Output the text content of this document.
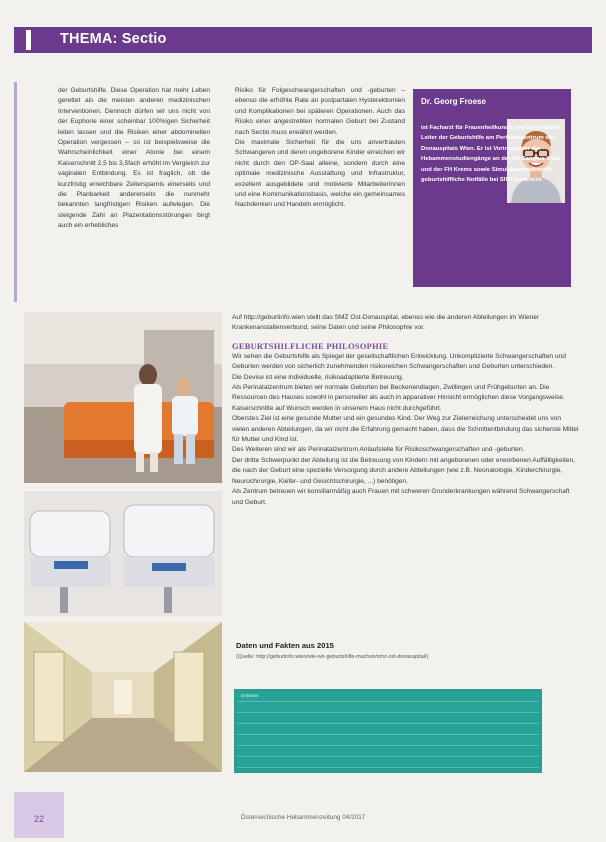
THEMA: Sectio

der Geburtshilfe. Diese Operation hat mehr Leben gerettet als die meisten anderen medizinischen Interventionen. Dennoch dürfen wir uns nicht von der Euphorie einer scheinbar 100%igen Sicherheit leiten lassen und die Risiken einer abdominellen Operation vergessen – so ist beispielsweise die Wahrscheinlichkeit einer Atonie bei einem Kaiserschnitt 2,5 bis 3,5fach erhöht im Vergleich zur vaginalen Entbindung. Es ist fraglich, ob die kurzfristig erreichbare Zeitersparnis einerseits und die Planbarkeit andererseits die nunmehr bekannten langfristigen Risiken aufwiegen. Die steigende Zahl an Plazentationsstörungen birgt auch ein erhebliches

Risiko für Folgeschwangerschaften und -geburten – ebenso die erhöhte Rate an postpartalen Hysterektomien und Komplikationen bei späteren Operationen. Auch das Risiko einer angestrebten normalen Geburt bei Zustand nach Sectio muss erwähnt werden.

Die maximale Sicherheit für die uns anvertrauten Schwangeren und deren ungeborene Kinder erreichen wir nicht durch den OP-Saal alleine, sondern durch eine optimale medizinische Ausstattung und Infrastruktur, exzellent ausgebildete und motivierte Mitarbeiterinnen und eine Kommunikationsbasis, welche ein gemeinsames Nachdenken und Handeln ermöglicht.

Dr. Georg Froese
ist Facharzt für Frauenheilkunde und Geburtshilfe, Leiter der Geburtshilfe am Perinatalzentrum des Donauspitals Wien. Er ist Vortragender der Hebammenstudiengänge an der FH Campus Wien und der FH Krems sowie Simulationstrainer für geburtshilfliche Notfälle bei SIMCharacters.

Auf http://geburtinfo.wien stellt das SMZ Ost-Donauspital, ebenso wie die anderen Abteilungen im Wiener Krankenanstaltenverbund, seine Daten und seine Philosophie vor.

GEBURTSHILFLICHE PHILOSOPHIE

Wir sehen die Geburtshilfe als Spiegel der gesellschaftlichen Entwicklung. Unkomplizierte Schwangerschaften und Geburten werden von sicherlich zunehmenden risikoreichen Schwangerschaften und Geburten unterschieden.

Die Devise ist eine individuelle, risikoadaptierte Betreuung.

Als Perinatalzentrum bieten wir normale Geburten bei Beckenendlagen, Zwillingen und Frühgeburten an. Die Ressourcen des Hauses sowohl in personeller als auch in apparativer Hinsicht ermöglichen diese Vorgangsweise. Kaiserschnitte auf Wunsch werden in unserem Haus nicht durchgeführt.

Oberstes Ziel ist eine gesunde Mutter und ein gesundes Kind. Der Weg zur Zielerreichung unterscheidet uns von vielen anderen Abteilungen, da wir nicht die Erfahrung gemacht haben, dass die Schnittentbindung das sicherste Mittel für Mutter und Kind ist.

Des Weiteren sind wir als Perinatalzentrum Anlaufstelle für Risikoschwangerschaften und -geburten.

Der dritte Schwerpunkt der Abteilung ist die Betreuung von Kindern mit angeborenen oder erworbenen Auffälligkeiten, die nach der Geburt eine spezielle Versorgung durch andere Abteilungen (wie z.B. Neonatologie, Kinderchirurgie, Neurochirurgie, Kiefer- und Gesichtschirurgie, ...) benötigen.

Als Zentrum betreuen wir konsiliarmäßig auch Frauen mit schweren Grunderkrankungen während Schwangerschaft und Geburt.

Daten und Fakten aus 2015
(Quelle: http://geburtinfo.wien/wie-wir-geburtshilfe-machen/smz-ost-donauspital/)
Geburten
22	Österreichische Hebammenzeitung 04/2017
